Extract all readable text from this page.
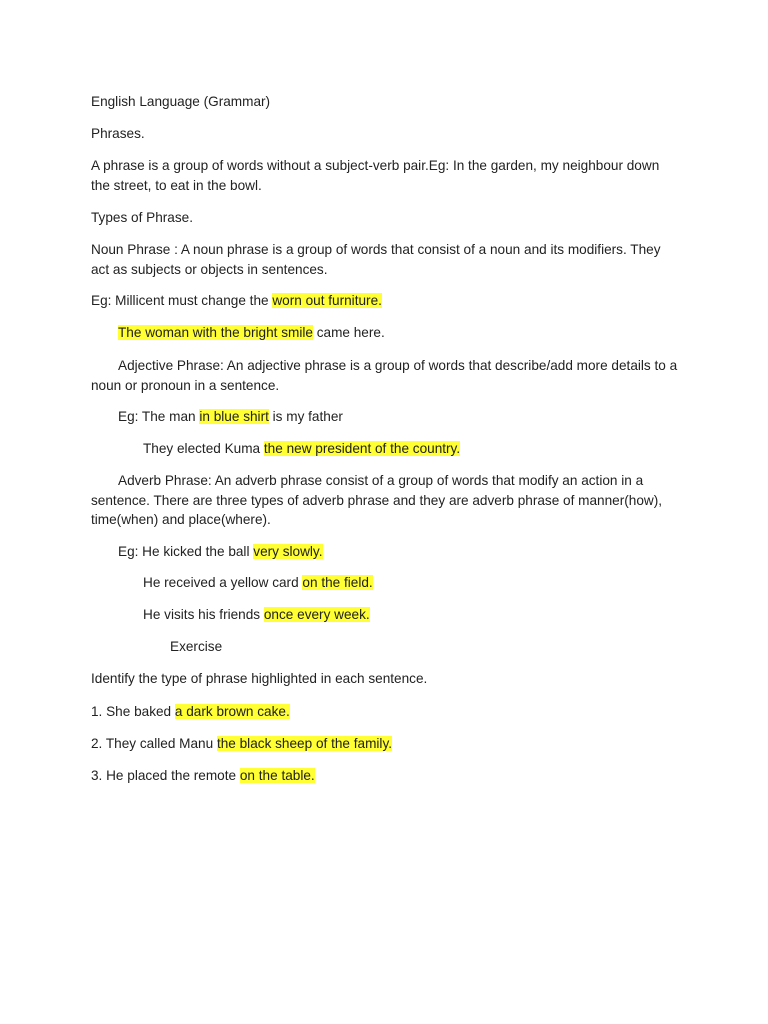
English Language (Grammar)

Phrases.

A phrase is a group of words without a subject-verb pair.Eg: In the garden, my neighbour down the street, to eat in the bowl.

Types of Phrase.

Noun Phrase : A noun phrase is a group of words that consist of a noun and its modifiers. They act as subjects or objects in sentences.

Eg: Millicent must change the worn out furniture.

The woman with the bright smile came here.

Adjective Phrase: An adjective phrase is a group of words that describe/add more details to a noun or pronoun in a sentence.

Eg: The man in blue shirt is my father

They elected Kuma the new president of the country.

Adverb Phrase: An adverb phrase consist of a group of words that modify an action in a sentence. There are three types of adverb phrase and they are adverb phrase of manner(how), time(when) and place(where).

Eg: He kicked the ball very slowly.

He received a yellow card on the field.

He visits his friends once every week.

Exercise

Identify the type of phrase highlighted in each sentence.

1. She baked a dark brown cake.

2. They called Manu the black sheep of the family.

3. He placed the remote on the table.
